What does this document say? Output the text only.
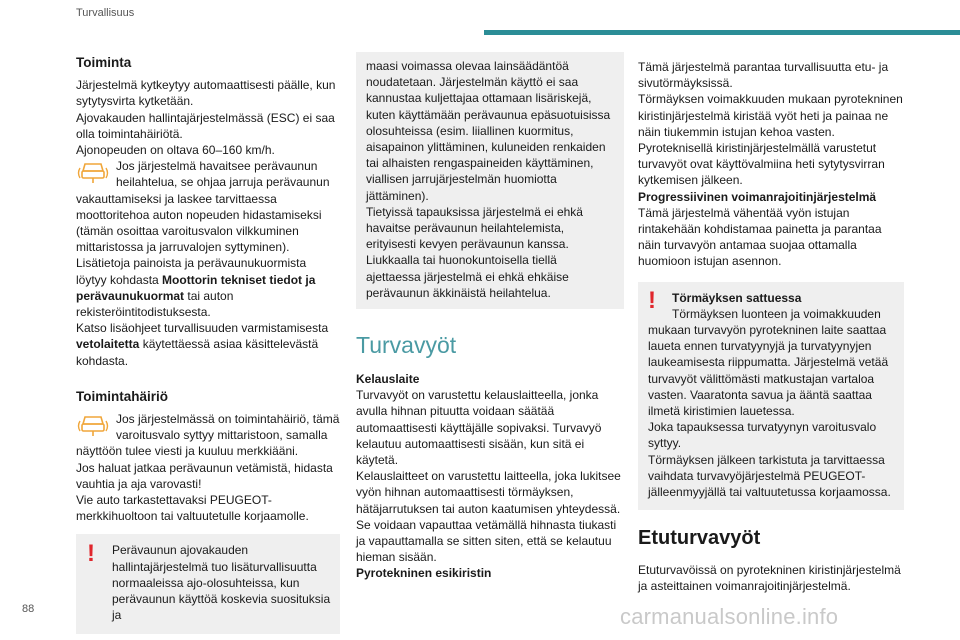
Turvallisuus
Toiminta

Järjestelmä kytkeytyy automaattisesti päälle, kun sytytysvirta kytketään.

Ajovakauden hallintajärjestelmässä (ESC) ei saa olla toimintahäiriötä.

Ajonopeuden on oltava 60–160 km/h.

Jos järjestelmä havaitsee perävaunun heilahtelua, se ohjaa jarruja perävaunun vakauttamiseksi ja laskee tarvittaessa moottoritehoa auton nopeuden hidastamiseksi (tämän osoittaa varoitusvalon vilkkuminen mittaristossa ja jarruvalojen syttyminen).

Lisätietoja painoista ja perävaunukuormista löytyy kohdasta Moottorin tekniset tiedot ja perävaunukuormat tai auton rekisteröintitodistuksesta.

Katso lisäohjeet turvallisuuden varmistamisesta vetolaitetta käytettäessä asiaa käsittelevästä kohdasta.

Toimintahäiriö

Jos järjestelmässä on toimintahäiriö, tämä varoitusvalo syttyy mittaristoon, samalla näyttöön tulee viesti ja kuuluu merkkiääni.

Jos haluat jatkaa perävaunun vetämistä, hidasta vauhtia ja aja varovasti!

Vie auto tarkastettavaksi PEUGEOT-merkkihuoltoon tai valtuutetulle korjaamolle.

! Perävaunun ajovakauden hallintajärjestelmä tuo lisäturvallisuutta normaaleissa ajo-olosuhteissa, kun perävaunun käyttöä koskevia suosituksia ja

maasi voimassa olevaa lainsäädäntöä noudatetaan. Järjestelmän käyttö ei saa kannustaa kuljettajaa ottamaan lisäriskejä, kuten käyttämään perävaunua epäsuotuisissa olosuhteissa (esim. liiallinen kuormitus, aisapainon ylittäminen, kuluneiden renkaiden tai alhaisten rengaspaineiden käyttäminen, viallisen jarrujärjestelmän huomiotta jättäminen).

Tietyissä tapauksissa järjestelmä ei ehkä havaitse perävaunun heilahtelemista, erityisesti kevyen perävaunun kanssa.

Liukkaalla tai huonokuntoisella tiellä ajettaessa järjestelmä ei ehkä ehkäise perävaunun äkkinäistä heilahtelua.

Turvavyöt

Kelauslaite

Turvavyöt on varustettu kelauslaitteella, jonka avulla hihnan pituutta voidaan säätää automaattisesti käyttäjälle sopivaksi. Turvavyö kelautuu automaattisesti sisään, kun sitä ei käytetä.

Kelauslaitteet on varustettu laitteella, joka lukitsee vyön hihnan automaattisesti törmäyksen, hätäjarrutuksen tai auton kaatumisen yhteydessä. Se voidaan vapauttaa vetämällä hihnasta tiukasti ja vapauttamalla se sitten siten, että se kelautuu hieman sisään.

Pyrotekninen esikiristin

Tämä järjestelmä parantaa turvallisuutta etu- ja sivutörmäyksissä.

Törmäyksen voimakkuuden mukaan pyrotekninen kiristinjärjestelmä kiristää vyöt heti ja painaa ne näin tiukemmin istujan kehoa vasten.

Pyroteknisellä kiristinjärjestelmällä varustetut turvavyöt ovat käyttövalmiina heti sytytysvirran kytkemisen jälkeen.

Progressiivinen voimanrajoitinjärjestelmä

Tämä järjestelmä vähentää vyön istujan rintakehään kohdistamaa painetta ja parantaa näin turvavyön antamaa suojaa ottamalla huomioon istujan asennon.

!	Törmäyksen sattuessa

Törmäyksen luonteen ja voimakkuuden mukaan turvavyön pyrotekninen laite saattaa laueta ennen turvatyynyjä ja turvatyynyjen laukeamisesta riippumatta. Järjestelmä vetää turvavyöt välittömästi matkustajan vartaloa vasten. Vaaratonta savua ja ääntä saattaa ilmetä kiristimien lauetessa.

Joka tapauksessa turvatyynyn varoitusvalo syttyy.

Törmäyksen jälkeen tarkistuta ja tarvittaessa vaihdata turvavyöjärjestelmä PEUGEOT-jälleenmyyjällä tai valtuutetussa korjaamossa.

Etuturvavyöt

Etuturvavöissä on pyrotekninen kiristinjärjestelmä ja asteittainen voimanrajoitinjärjestelmä.

88	carmanualsonline.info
